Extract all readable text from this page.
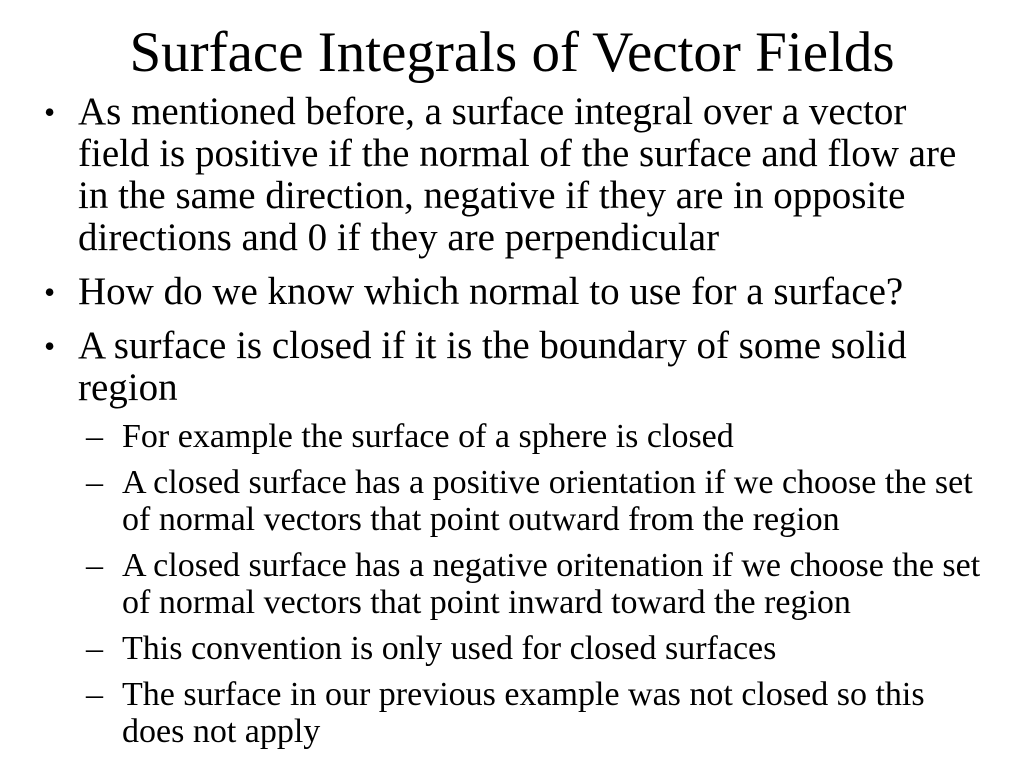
Surface Integrals of Vector Fields
• As mentioned before, a surface integral over a vector field is positive if the normal of the surface and flow are in the same direction, negative if they are in opposite directions and 0 if they are perpendicular
• How do we know which normal to use for a surface?
• A surface is closed if it is the boundary of some solid region
– For example the surface of a sphere is closed
– A closed surface has a positive orientation if we choose the set of normal vectors that point outward from the region
– A closed surface has a negative oritenation if we choose the set of normal vectors that point inward toward the region
– This convention is only used for closed surfaces
– The surface in our previous example was not closed so this does not apply
